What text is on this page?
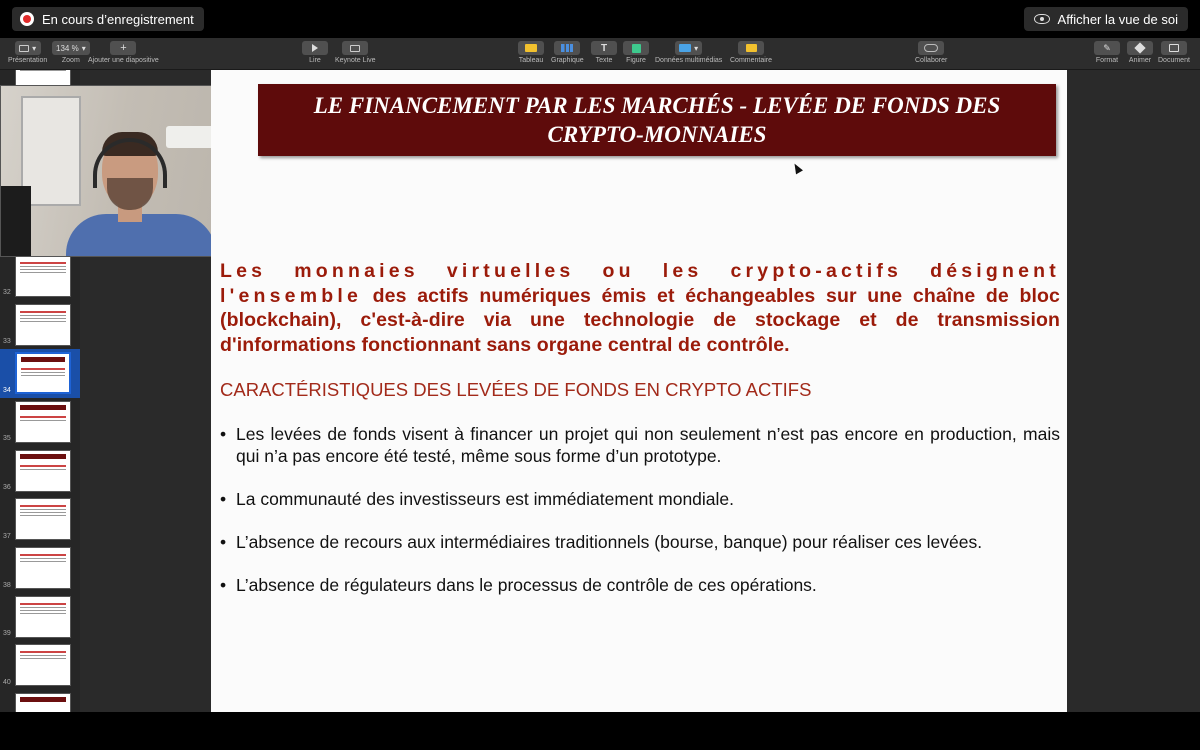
En cours d’enregistrement	Afficher la vue de soi
▾
Présentation
134 % ▾
Zoom
+
Ajouter une diapositive	Lire Keynote Live	Tableau Graphique
T
Texte Figure
▾
Données multimédias Commentaire	Collaborer
✎
Format Animer Document
32
33
34
35
36
37
38
39
40
LE FINANCEMENT PAR LES MARCHÉS - LEVÉE DE FONDS DES CRYPTO-MONNAIES
Les monnaies virtuelles ou les crypto-actifs désignent l'ensemble des actifs numériques émis et échangeables sur une chaîne de bloc (blockchain), c'est-à-dire via une technologie de stockage et de transmission d'informations fonctionnant sans organe central de contrôle.
CARACTÉRISTIQUES DES LEVÉES DE FONDS EN CRYPTO ACTIFS
• Les levées de fonds visent à financer un projet qui non seulement n’est pas encore en production, mais qui n’a pas encore été testé, même sous forme d’un prototype.
• La communauté des investisseurs est immédiatement mondiale.
• L’absence de recours aux intermédiaires traditionnels (bourse, banque) pour réaliser ces levées.
• L’absence de régulateurs dans le processus de contrôle de ces opérations.
